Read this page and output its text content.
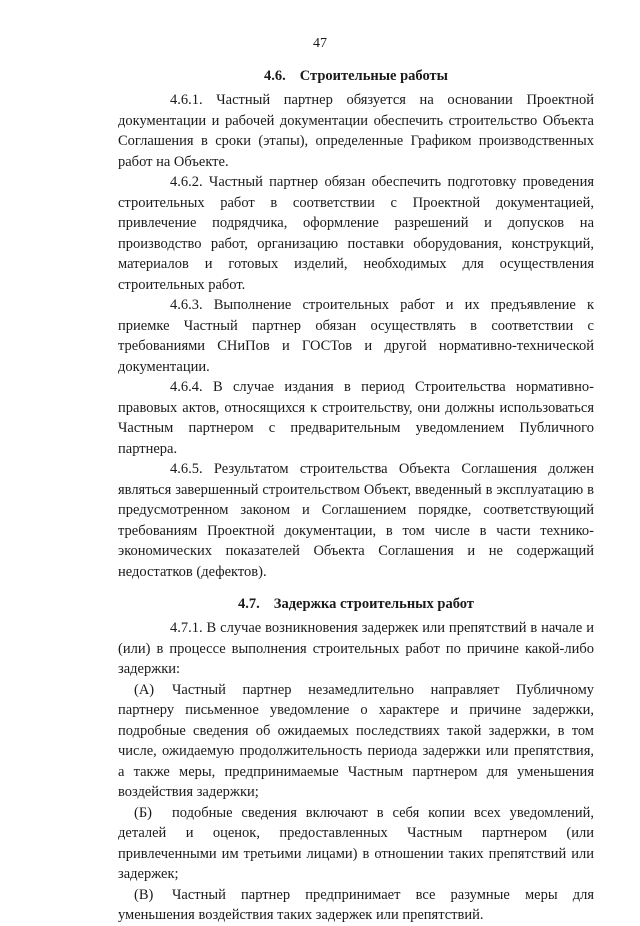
47
4.6. Строительные работы

4.6.1. Частный партнер обязуется на основании Проектной документации и рабочей документации обеспечить строительство Объекта Соглашения в сроки (этапы), определенные Графиком производственных работ на Объекте.

4.6.2. Частный партнер обязан обеспечить подготовку проведения строительных работ в соответствии с Проектной документацией, привлечение подрядчика, оформление разрешений и допусков на производство работ, организацию поставки оборудования, конструкций, материалов и готовых изделий, необходимых для осуществления строительных работ.

4.6.3. Выполнение строительных работ и их предъявление к приемке Частный партнер обязан осуществлять в соответствии с требованиями СНиПов и ГОСТов и другой нормативно-технической документации.

4.6.4. В случае издания в период Строительства нормативно-правовых актов, относящихся к строительству, они должны использоваться Частным партнером с предварительным уведомлением Публичного партнера.

4.6.5. Результатом строительства Объекта Соглашения должен являться завершенный строительством Объект, введенный в эксплуатацию в предусмотренном законом и Соглашением порядке, соответствующий требованиям Проектной документации, в том числе в части технико-экономических показателей Объекта Соглашения и не содержащий недостатков (дефектов).

4.7. Задержка строительных работ

4.7.1. В случае возникновения задержек или препятствий в начале и (или) в процессе выполнения строительных работ по причине какой-либо задержки:

(А) Частный партнер незамедлительно направляет Публичному партнеру письменное уведомление о характере и причине задержки, подробные сведения об ожидаемых последствиях такой задержки, в том числе, ожидаемую продолжительность периода задержки или препятствия, а также меры, предпринимаемые Частным партнером для уменьшения воздействия задержки;

(Б) подобные сведения включают в себя копии всех уведомлений, деталей и оценок, предоставленных Частным партнером (или привлеченными им третьими лицами) в отношении таких препятствий или задержек;

(В) Частный партнер предпринимает все разумные меры для уменьшения воздействия таких задержек или препятствий.
